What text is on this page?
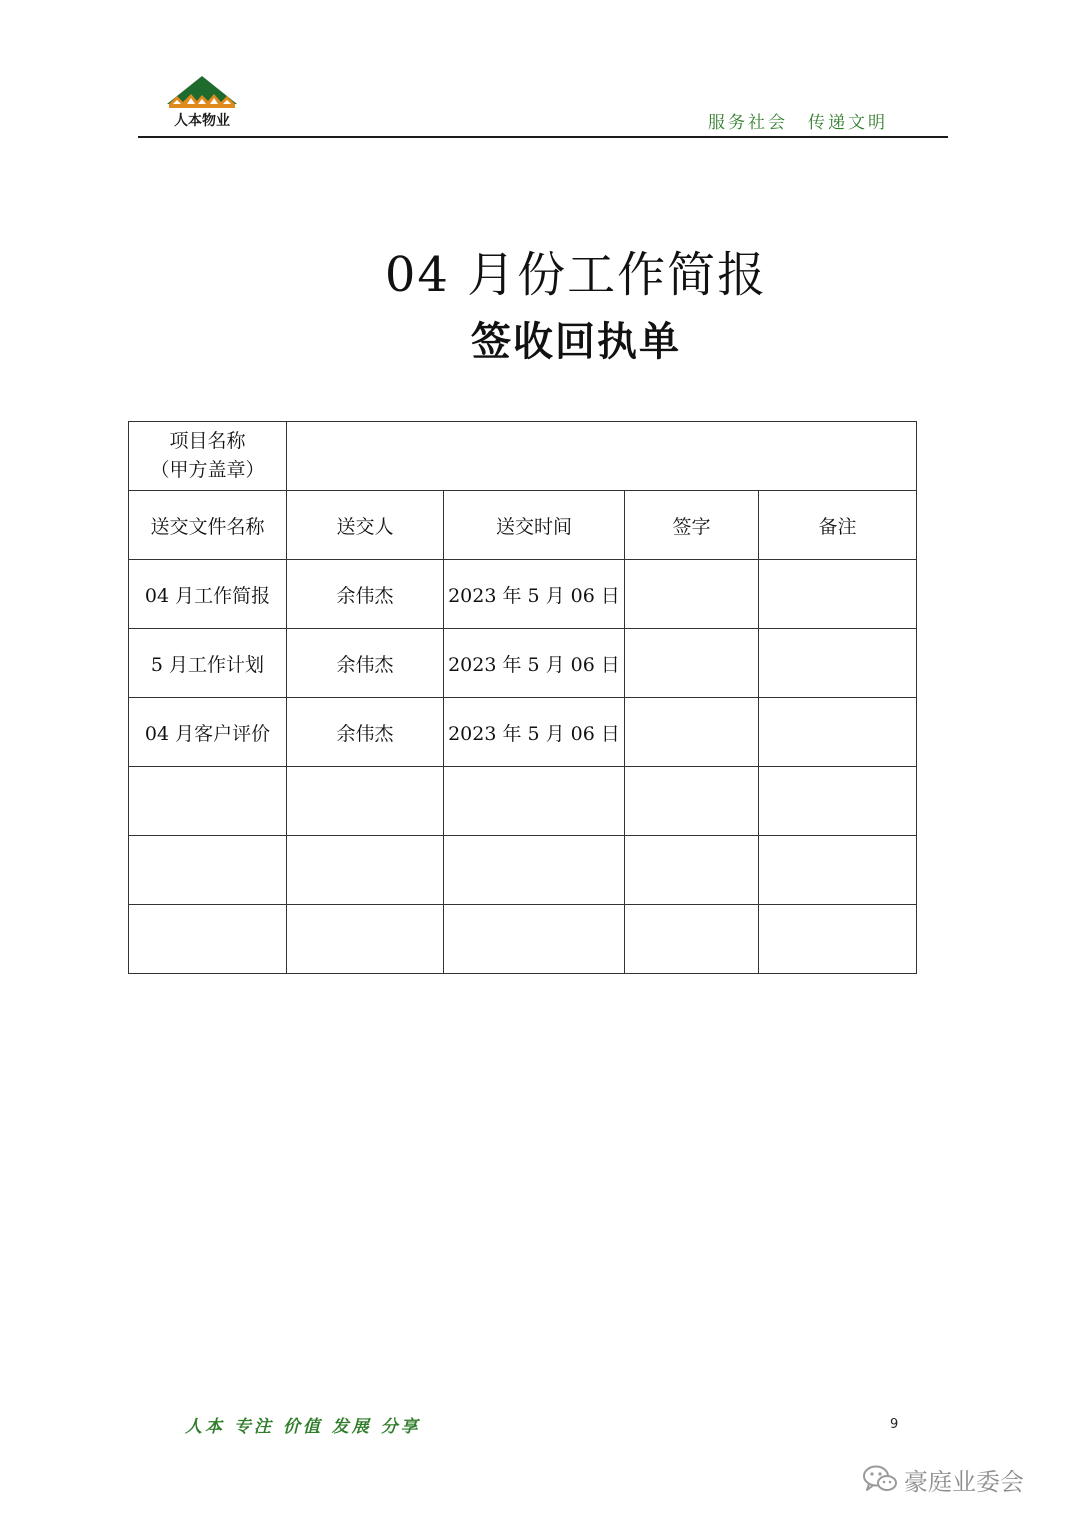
人本物业	服务社会 传递文明
04 月份工作简报
签收回执单
项目名称
（甲方盖章）				

送交文件名称	送交人	送交时间	签字	备注
04 月工作简报	余伟杰	2023 年 5 月 06 日		
5 月工作计划	余伟杰	2023 年 5 月 06 日		
04 月客户评价	余伟杰	2023 年 5 月 06 日		

人本 专注 价值 发展 分享	9
豪庭业委会
